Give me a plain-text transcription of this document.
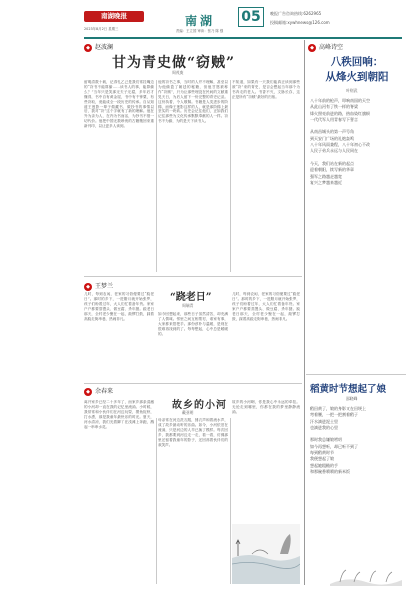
南湖晚报
2023年8月2日 星期三
南湖
责编：王立国 审读：张乃 陈 强
05	晚报广告咨询热线:6262965
投稿邮箱:xywhnews@126.com
◆ 赵波澜
甘为青史做“窃贼”
周茂庚
留明清数十载，记得孔乙己是我们常挂嘴边的“窃书不能算偷……读书人的事，能算偷么？”当年只是笑那迂夫子迂腐，多年后才懂得，书中自有黄金屋，书中有千钟粟，有些窃取，竟能成全一段历史的传承。自从知道王莲影一辈子做藏书、做抄书的事情以后，我对“窃”这个字就有了新的理解。他在外为亲为人，在内为书而活，为抄书不惜一切代价。他把中国无数珍贵的古籍搬回来重新刊印，以让更多人读到。
他的窃书之事，当时的人并不理解，甚至以为他偷盗了朝廷的秘籍，但他甘愿被称作“窃贼”，只为让那些埋没在民间的文献重见天日，为后人留下一份完整的青史记录。这份执着，令人敬佩。书籍是人类进步的阶梯，而像王莲影这样的人，就是那阶梯上最坚实的一块砖。历史会记住他们，正如我们记住那些为文化传承默默奉献的人一样。窃书不为偷，为的是天下读书人。
不知道，如果有一天我们能真正读到那些被“窃”来的青史，是否会想起当年那个为书奔走的老人。书香不灭，文脉长存，这正是所有“窃贼”最好的归宿。
◆ 王梦兰
“跷老日”
周瑞青
儿时，每到农闲，老家的习俗便要过“跷老日”。那时的乡下，一进腊月就开始张罗，孩子们盼着过年，大人们忙着备年货。家家户户都要蒸馒头、做豆腐、杀年猪。跷老日那天，全村老少聚在一起，敲锣打鼓，踩着高跷走街串巷，热闹非凡。
如今回想起来，那些日子虽然清苦，却充满了人情味。邻里之间互相帮衬，谁家有事，大家都来搭把手。那份淳朴与温暖，是现在很难再找到的了。每每想起，心中总是暖暖的。
儿时，每到农闲，老家的习俗便要过“跷老日”。那时的乡下，一进腊月就开始张罗，孩子们盼着过年，大人们忙着备年货。家家户户都要蒸馒头、做豆腐、杀年猪。跷老日那天，全村老少聚在一起，敲锣打鼓，踩着高跷走街串巷，热闹非凡。
◆ 余春来
故乡的小河
戴亚明
离开家乡已经二十多年了，而家乡那条清澈的小河却一直在我的记忆里流淌。小时候，我常常和小伙伴们在河边玩耍，摸鱼捉虾，打水漂，那是我童年最快乐的时光。夏天，河水清凉，我们光着脚丫在浅滩上奔跑，溅起一串串水花。
母亲常在河边洗衣服，捶衣声和着流水声，成了故乡最动听的乐曲。如今，小河依旧在流淌，只是河边的人早已换了模样。每次回乡，我都要到河边走一走，看一看，仿佛那里还留着我童年的影子，还回荡着伙伴们的欢笑声。
故乡的小河啊，你是我心中永远的牵挂。无论走到哪里，你都在我的梦里静静流淌。
◆ 高峰诗空
八秩回响：
从烽火到朝阳
叶则武
八十年前的枪声，叩响南国的天空
从此山河有了铁一样的脊梁
烽火照亮前进的路，热血染红旗帜
一代代军人用青春写下誓言

从南昌城头的第一声号角
到天安门广场的礼炮轰鸣
八十年风雨兼程，八十年初心不改
人民子弟兵永远与人民同在

今天，我们站在新的起点
迎着朝阳，续写新的华章
强军之路越走越宽
复兴之梦越来越近
稻黄时节想起了娘
邵晓峰
稻田黄了，娘的身影又在田埂上
弯着腰，一把一把割着稻子
汗水滴进泥土里
也滴进我的心里

那时我总嫌娘唠叨
如今再想听，却已听不到了
每到稻黄时节
我便想起了娘
想起她粗糙的手
和那碗香喷喷的新米饭
